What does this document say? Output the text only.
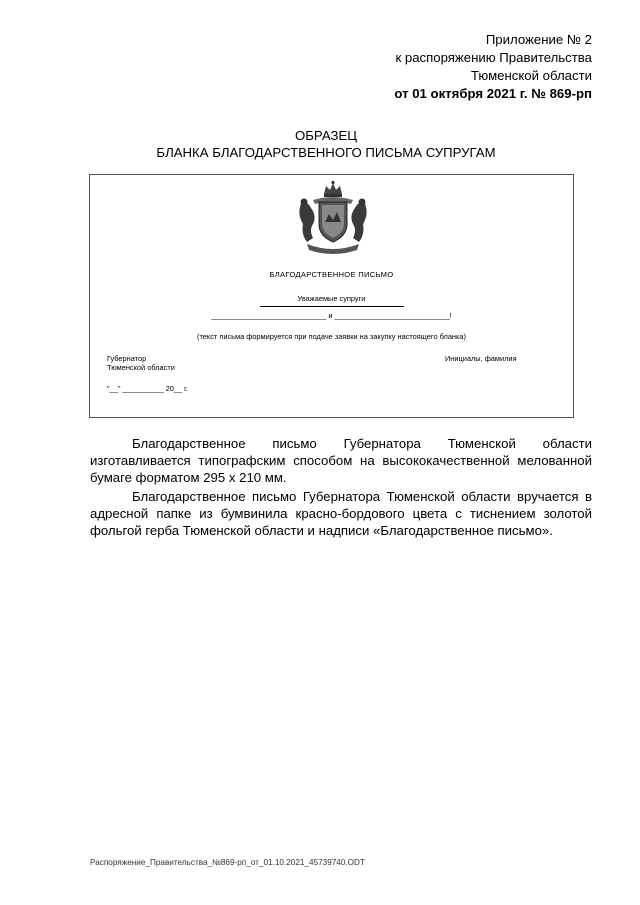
Приложение № 2
к распоряжению Правительства
Тюменской области
от 01 октября 2021 г. № 869-рп
ОБРАЗЕЦ
БЛАНКА БЛАГОДАРСТВЕННОГО ПИСЬМА СУПРУГАМ
БЛАГОДАРСТВЕННОЕ ПИСЬМО
Уважаемые супруги
____________________________ и ____________________________!
(текст письма формируется при подаче заявки на закупку настоящего бланка)
Губернатор
Тюменской области
Инициалы, фамилия
"__" __________ 20__ г.

Благодарственное письмо Губернатора Тюменской области изготавливается типографским способом на высококачественной мелованной бумаге форматом 295 x 210 мм.

Благодарственное письмо Губернатора Тюменской области вручается в адресной папке из бумвинила красно-бордового цвета с тиснением золотой фольгой герба Тюменской области и надписи «Благодарственное письмо».

Распоряжение_Правительства_№869-рп_от_01.10.2021_45739740.ODT
